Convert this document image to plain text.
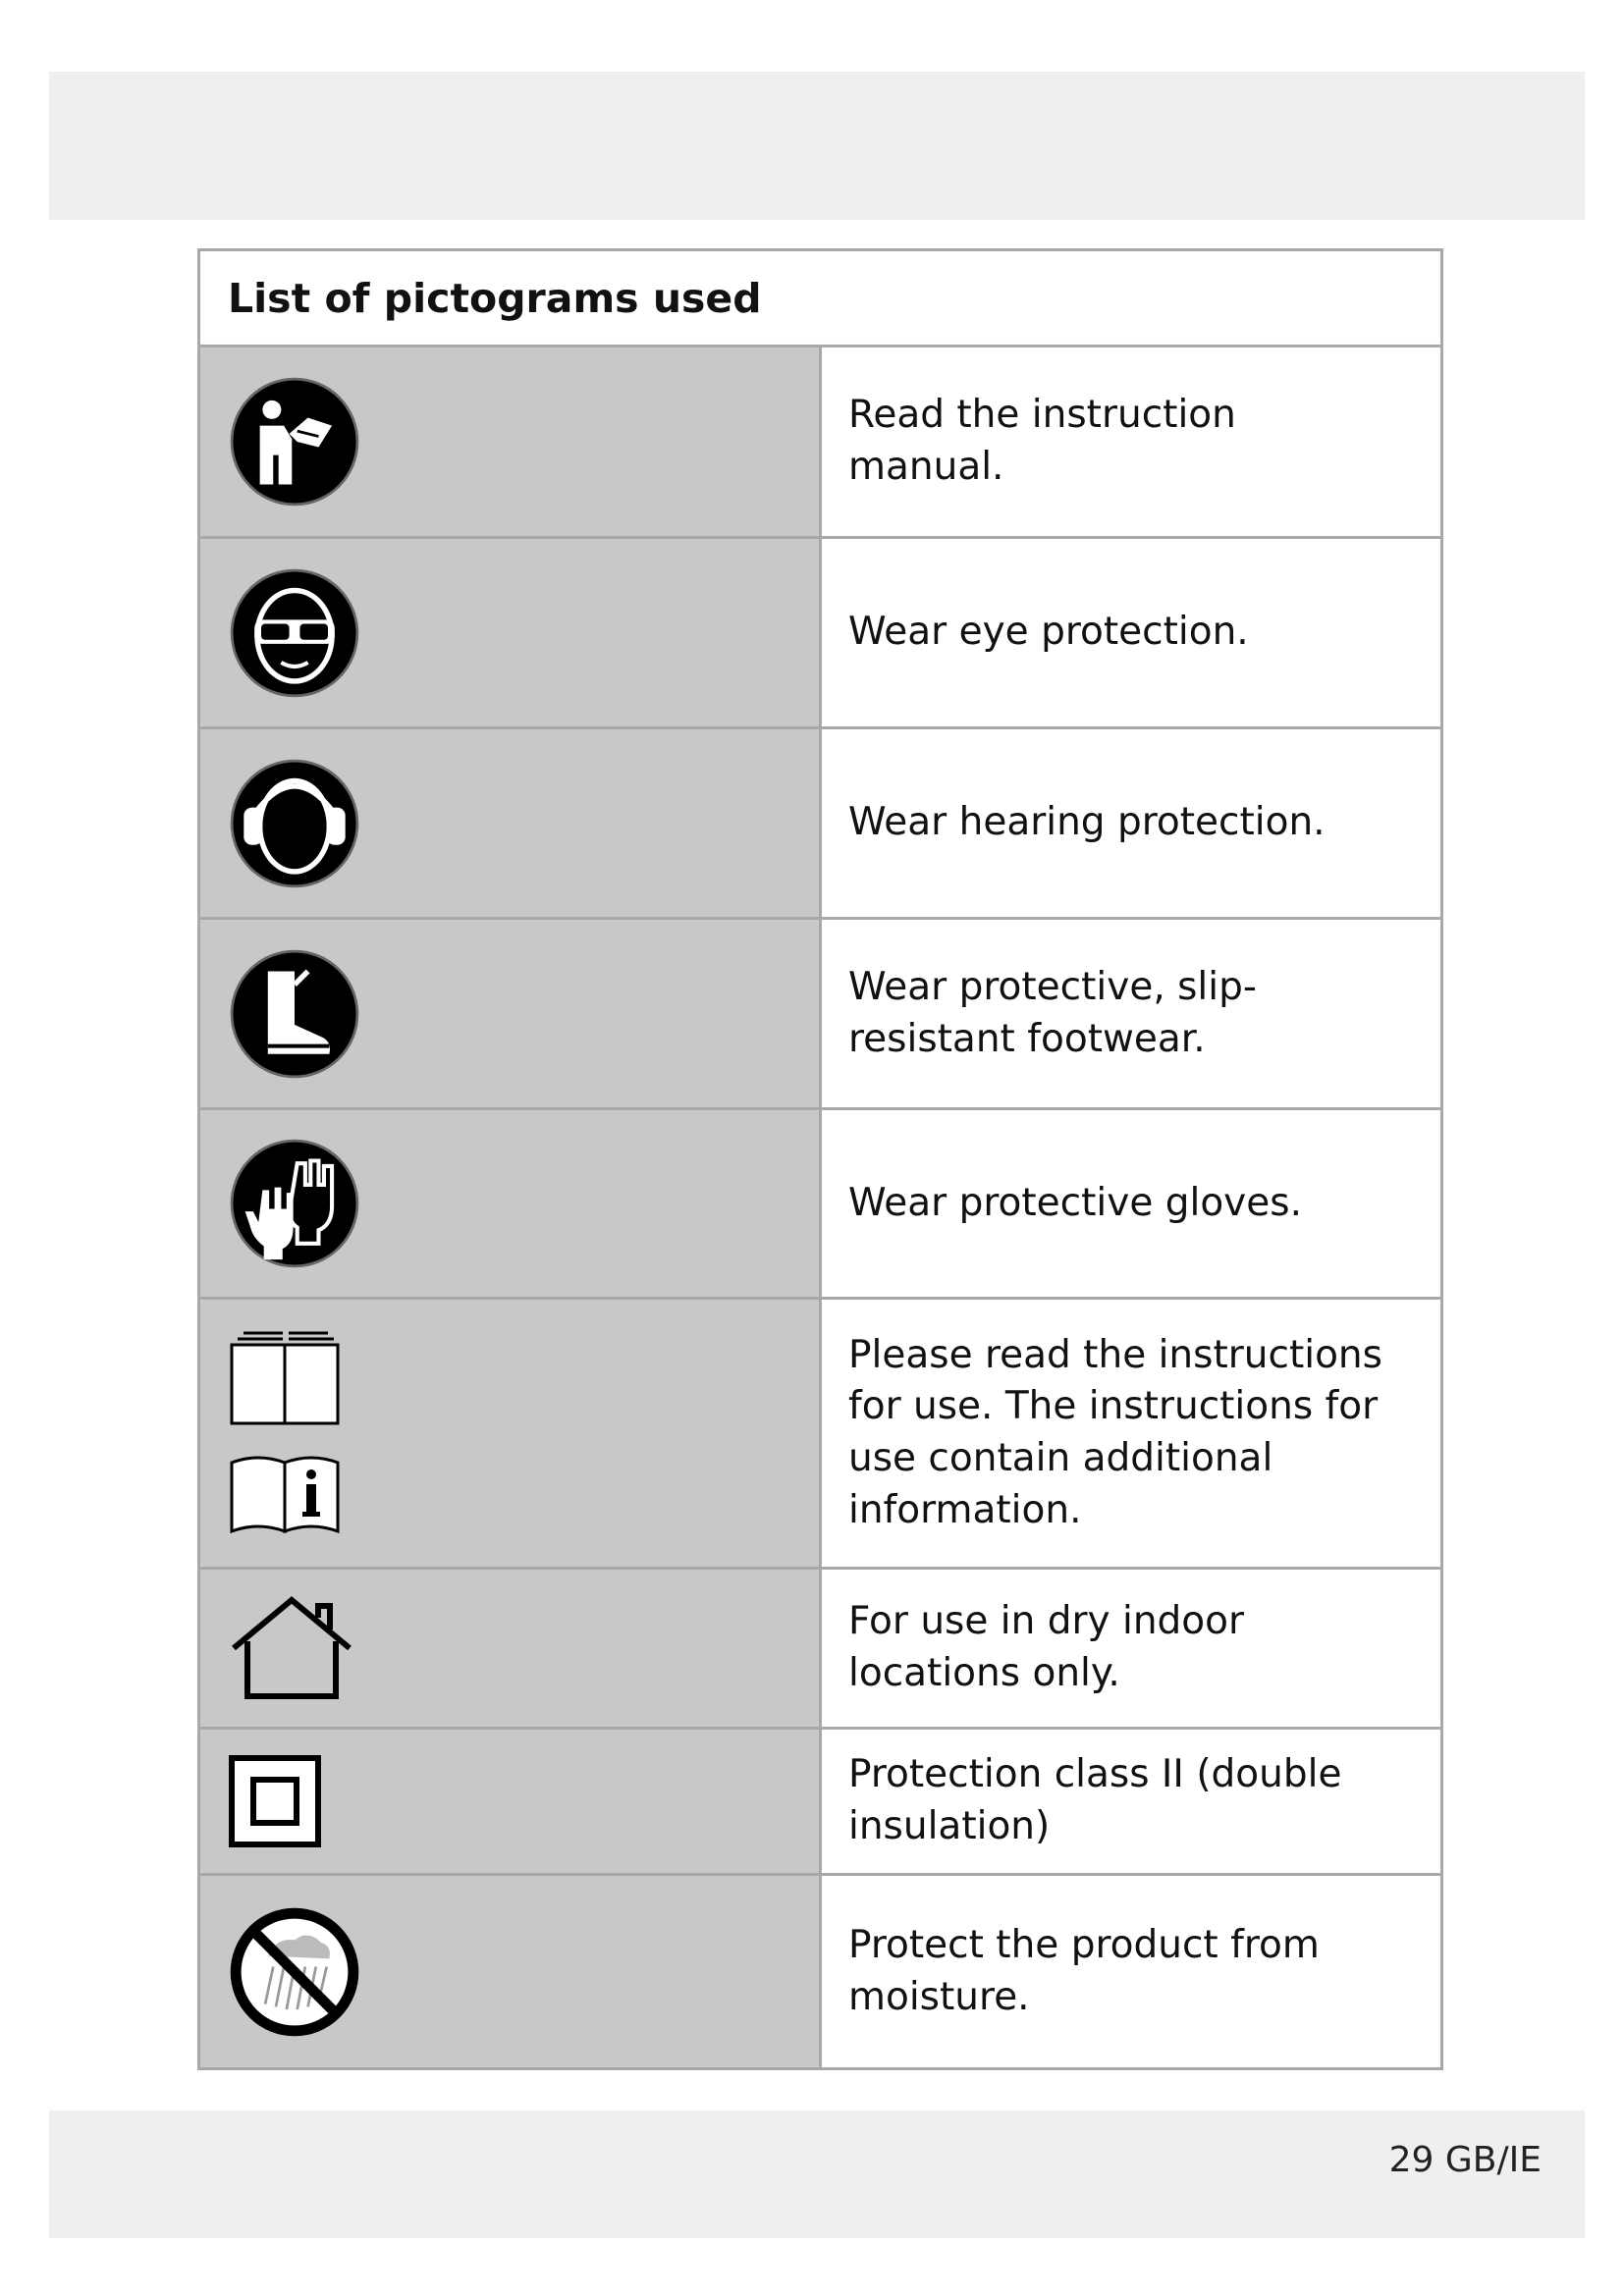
List of pictograms used	

	Read the instruction manual.

	Wear eye protection.

	Wear hearing protection.

	Wear protective, slip-resistant footwear.

	Wear protective gloves.

	Please read the instructions for use. The instructions for use contain additional information.

	For use in dry indoor locations only.

	Protection class II (double insulation)

	Protect the product from moisture.
29 GB/IE
